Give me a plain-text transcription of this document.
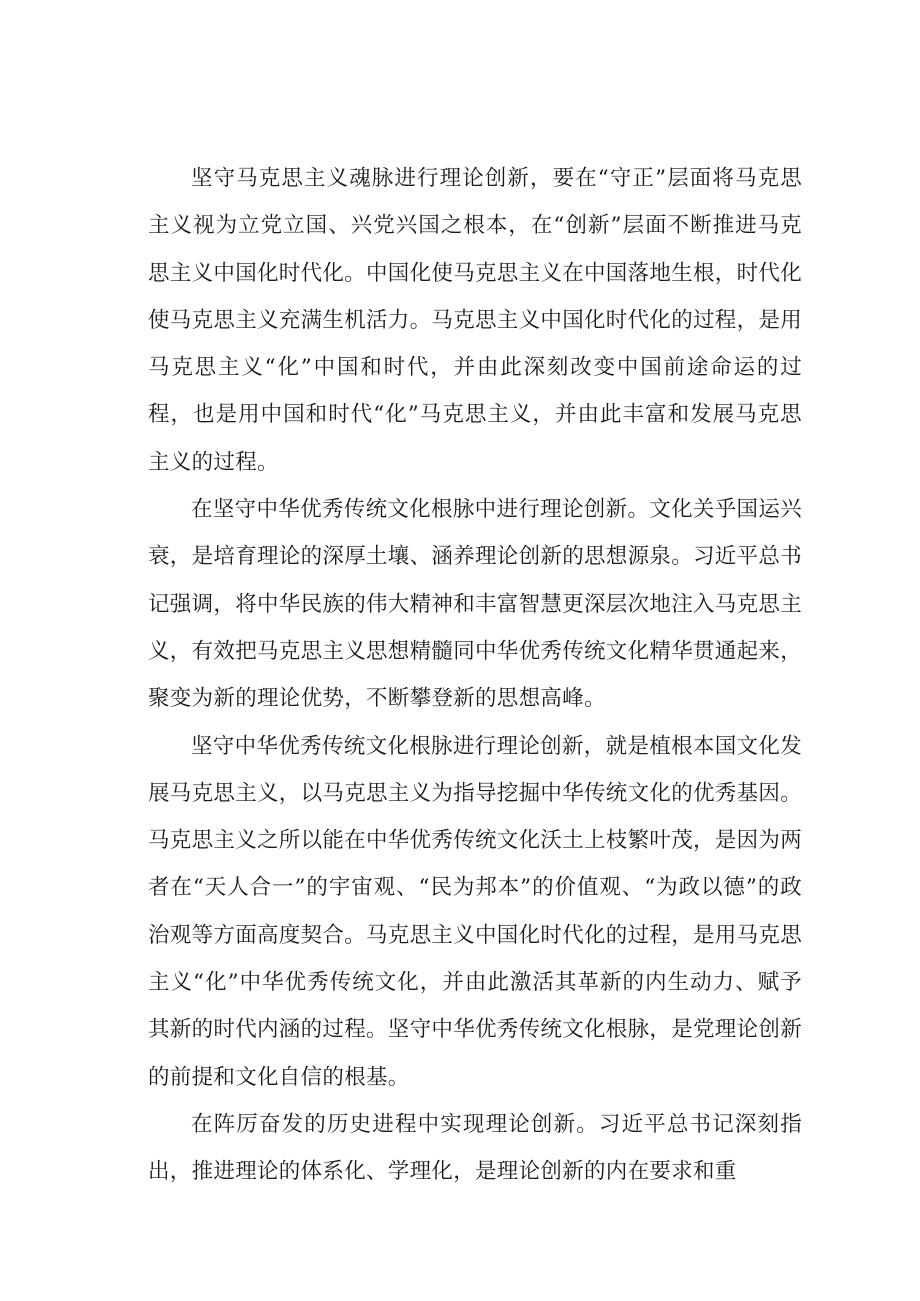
坚守马克思主义魂脉进行理论创新，要在“守正”层面将马克思主义视为立党立国、兴党兴国之根本，在“创新”层面不断推进马克思主义中国化时代化。中国化使马克思主义在中国落地生根，时代化使马克思主义充满生机活力。马克思主义中国化时代化的过程，是用马克思主义“化”中国和时代，并由此深刻改变中国前途命运的过程，也是用中国和时代“化”马克思主义，并由此丰富和发展马克思主义的过程。

在坚守中华优秀传统文化根脉中进行理论创新。文化关乎国运兴衰，是培育理论的深厚土壤、涵养理论创新的思想源泉。习近平总书记强调，将中华民族的伟大精神和丰富智慧更深层次地注入马克思主义，有效把马克思主义思想精髓同中华优秀传统文化精华贯通起来，聚变为新的理论优势，不断攀登新的思想高峰。

坚守中华优秀传统文化根脉进行理论创新，就是植根本国文化发展马克思主义，以马克思主义为指导挖掘中华传统文化的优秀基因。马克思主义之所以能在中华优秀传统文化沃土上枝繁叶茂，是因为两者在“天人合一”的宇宙观、“民为邦本”的价值观、“为政以德”的政治观等方面高度契合。马克思主义中国化时代化的过程，是用马克思主义“化”中华优秀传统文化，并由此激活其革新的内生动力、赋予其新的时代内涵的过程。坚守中华优秀传统文化根脉，是党理论创新的前提和文化自信的根基。

在阵厉奋发的历史进程中实现理论创新。习近平总书记深刻指出，推进理论的体系化、学理化，是理论创新的内在要求和重
